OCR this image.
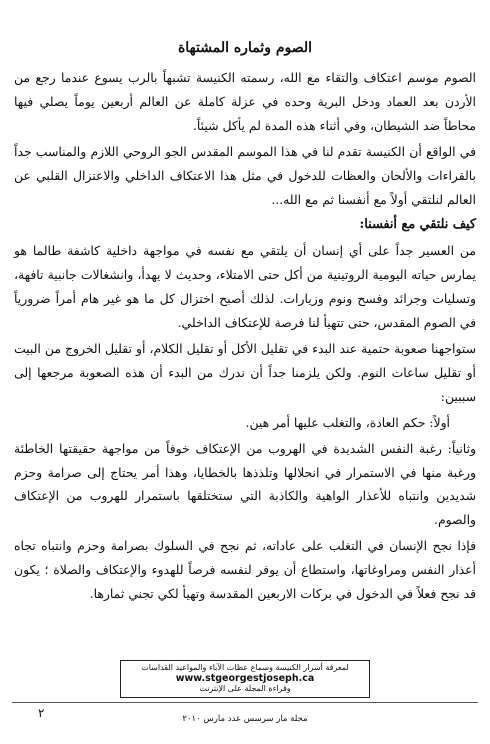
الصوم وثماره المشتهاة

الصوم موسم اعتكاف والتقاء مع الله، رسمته الكنيسة تشبهاً بالرب يسوع عندما رجع من الأردن بعد العماد ودخل البرية وحده في عزلة كاملة عن العالم أربعين يوماً يصلي فيها محاطاً ضد الشيطان، وفي أثناء هذه المدة لم يأكل شيئاً.

في الواقع أن الكنيسة تقدم لنا في هذا الموسم المقدس الجو الروحي اللازم والمناسب جداً بالقراءات والألحان والعظات للدخول في مثل هذا الاعتكاف الداخلي والاعتزال القلبي عن العالم لنلتقي أولاً مع أنفسنا ثم مع الله...

كيف نلتقي مع أنفسنا:

من العسير جداً على أي إنسان أن يلتقي مع نفسه في مواجهة داخلية كاشفة طالما هو يمارس حياته اليومية الروتينية من أكل حتى الامتلاء، وحديث لا يهدأ، وانشغالات جانبية تافهة، وتسليات وجرائد وفسح ونوم وزيارات. لذلك أصبح اختزال كل ما هو غير هام أمراً ضرورياً في الصوم المقدس، حتى تتهيأ لنا فرصة للإعتكاف الداخلي.

ستواجهنا صعوبة حتمية عند البدء في تقليل الأكل أو تقليل الكلام، أو تقليل الخروج من البيت أو تقليل ساعات النوم. ولكن يلزمنا جداً أن ندرك من البدء أن هذه الصعوبة مرجعها إلى سببين:

أولاً: حكم العادة، والتغلب عليها أمر هين.

وثانياً: رغبة النفس الشديدة في الهروب من الإعتكاف خوفاً من مواجهة حقيقتها الخاطئة ورغبة منها في الاستمرار في انحلالها وتلذذها بالخطايا، وهذا أمر يحتاج إلى صرامة وحزم شديدين وانتباه للأعذار الواهية والكاذبة التي ستختلقها باستمرار للهروب من الإعتكاف والصوم.

فإذا نجح الإنسان في التغلب على عاداته، ثم نجح في السلوك بصرامة وحزم وانتباه تجاه أعذار النفس ومراوغاتها، واستطاع أن يوفر لنفسه فرصاً للهدوء والإعتكاف والصلاة ؛ يكون قد نجح فعلاً في الدخول في بركات الاربعين المقدسة وتهيأ لكي تجني ثمارها.

لمعرفة أسرار الكنيسة وسماع عظات الآباء والمواعيد القداسات
www.stgeorgestjoseph.ca
وقراءة المجلة على الإنترنت
٢	مجلة مار سرسس عدد مارس ٢٠١٠
